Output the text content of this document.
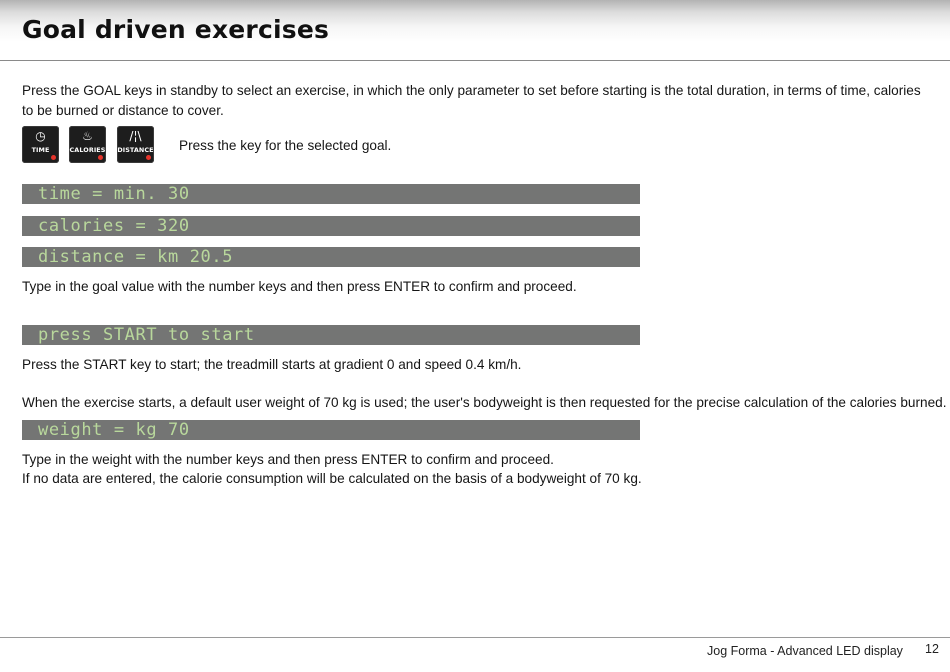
Goal driven exercises

Press the GOAL keys in standby to select an exercise, in which the only parameter to set before starting is the total duration, in terms of time, calories to be burned or distance to cover.

◷
TIME
♨
CALORIES
/¦\
DISTANCE Press the key for the selected goal.

time = min. 30
calories = 320
distance = km 20.5

Type in the goal value with the number keys and then press ENTER to confirm and proceed.

press START to start

Press the START key to start; the treadmill starts at gradient 0 and speed 0.4 km/h.

When the exercise starts, a default user weight of 70 kg is used; the user's bodyweight is then requested for the precise calculation of the calories burned.

weight = kg 70

Type in the weight with the number keys and then press ENTER to confirm and proceed.

If no data are entered, the calorie consumption will be calculated on the basis of a bodyweight of 70 kg.

Jog Forma - Advanced LED display 12
